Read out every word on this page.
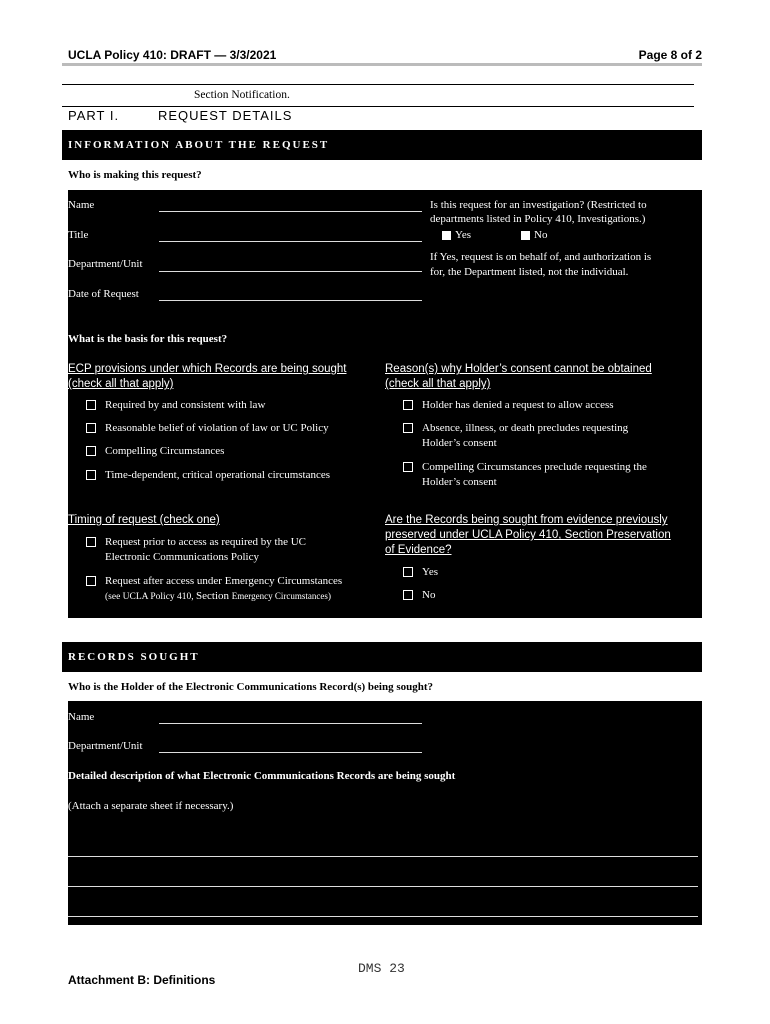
UCLA Policy 410: DRAFT — 3/3/2021	Page 8 of 2
Section Notification.
PART I.	REQUEST DETAILS
INFORMATION ABOUT THE REQUEST
Who is making this request?
Name
Title
Department/Unit
Date of Request
Is this request for an investigation? (Restricted to
departments listed in Policy 410, Investigations.)
Yes	No
If Yes, request is on behalf of, and authorization is
for, the Department listed, not the individual.
What is the basis for this request?
ECP provisions under which Records are being sought
(check all that apply)
Required by and consistent with law
Reasonable belief of violation of law or UC Policy
Compelling Circumstances
Time-dependent, critical operational circumstances
Reason(s) why Holder’s consent cannot be obtained
(check all that apply)
Holder has denied a request to allow access
Absence, illness, or death precludes requesting
Holder’s consent
Compelling Circumstances preclude requesting the
Holder’s consent
Timing of request (check one)
Request prior to access as required by the UC
Electronic Communications Policy
Request after access under Emergency Circumstances
(see UCLA Policy 410, Section Emergency Circumstances)
Are the Records being sought from evidence previously
preserved under UCLA Policy 410, Section Preservation
of Evidence?
Yes
No
RECORDS SOUGHT
Who is the Holder of the Electronic Communications Record(s) being sought?
Name
Department/Unit
Detailed description of what Electronic Communications Records are being sought
(Attach a separate sheet if necessary.)
DMS 23
Attachment B: Definitions
